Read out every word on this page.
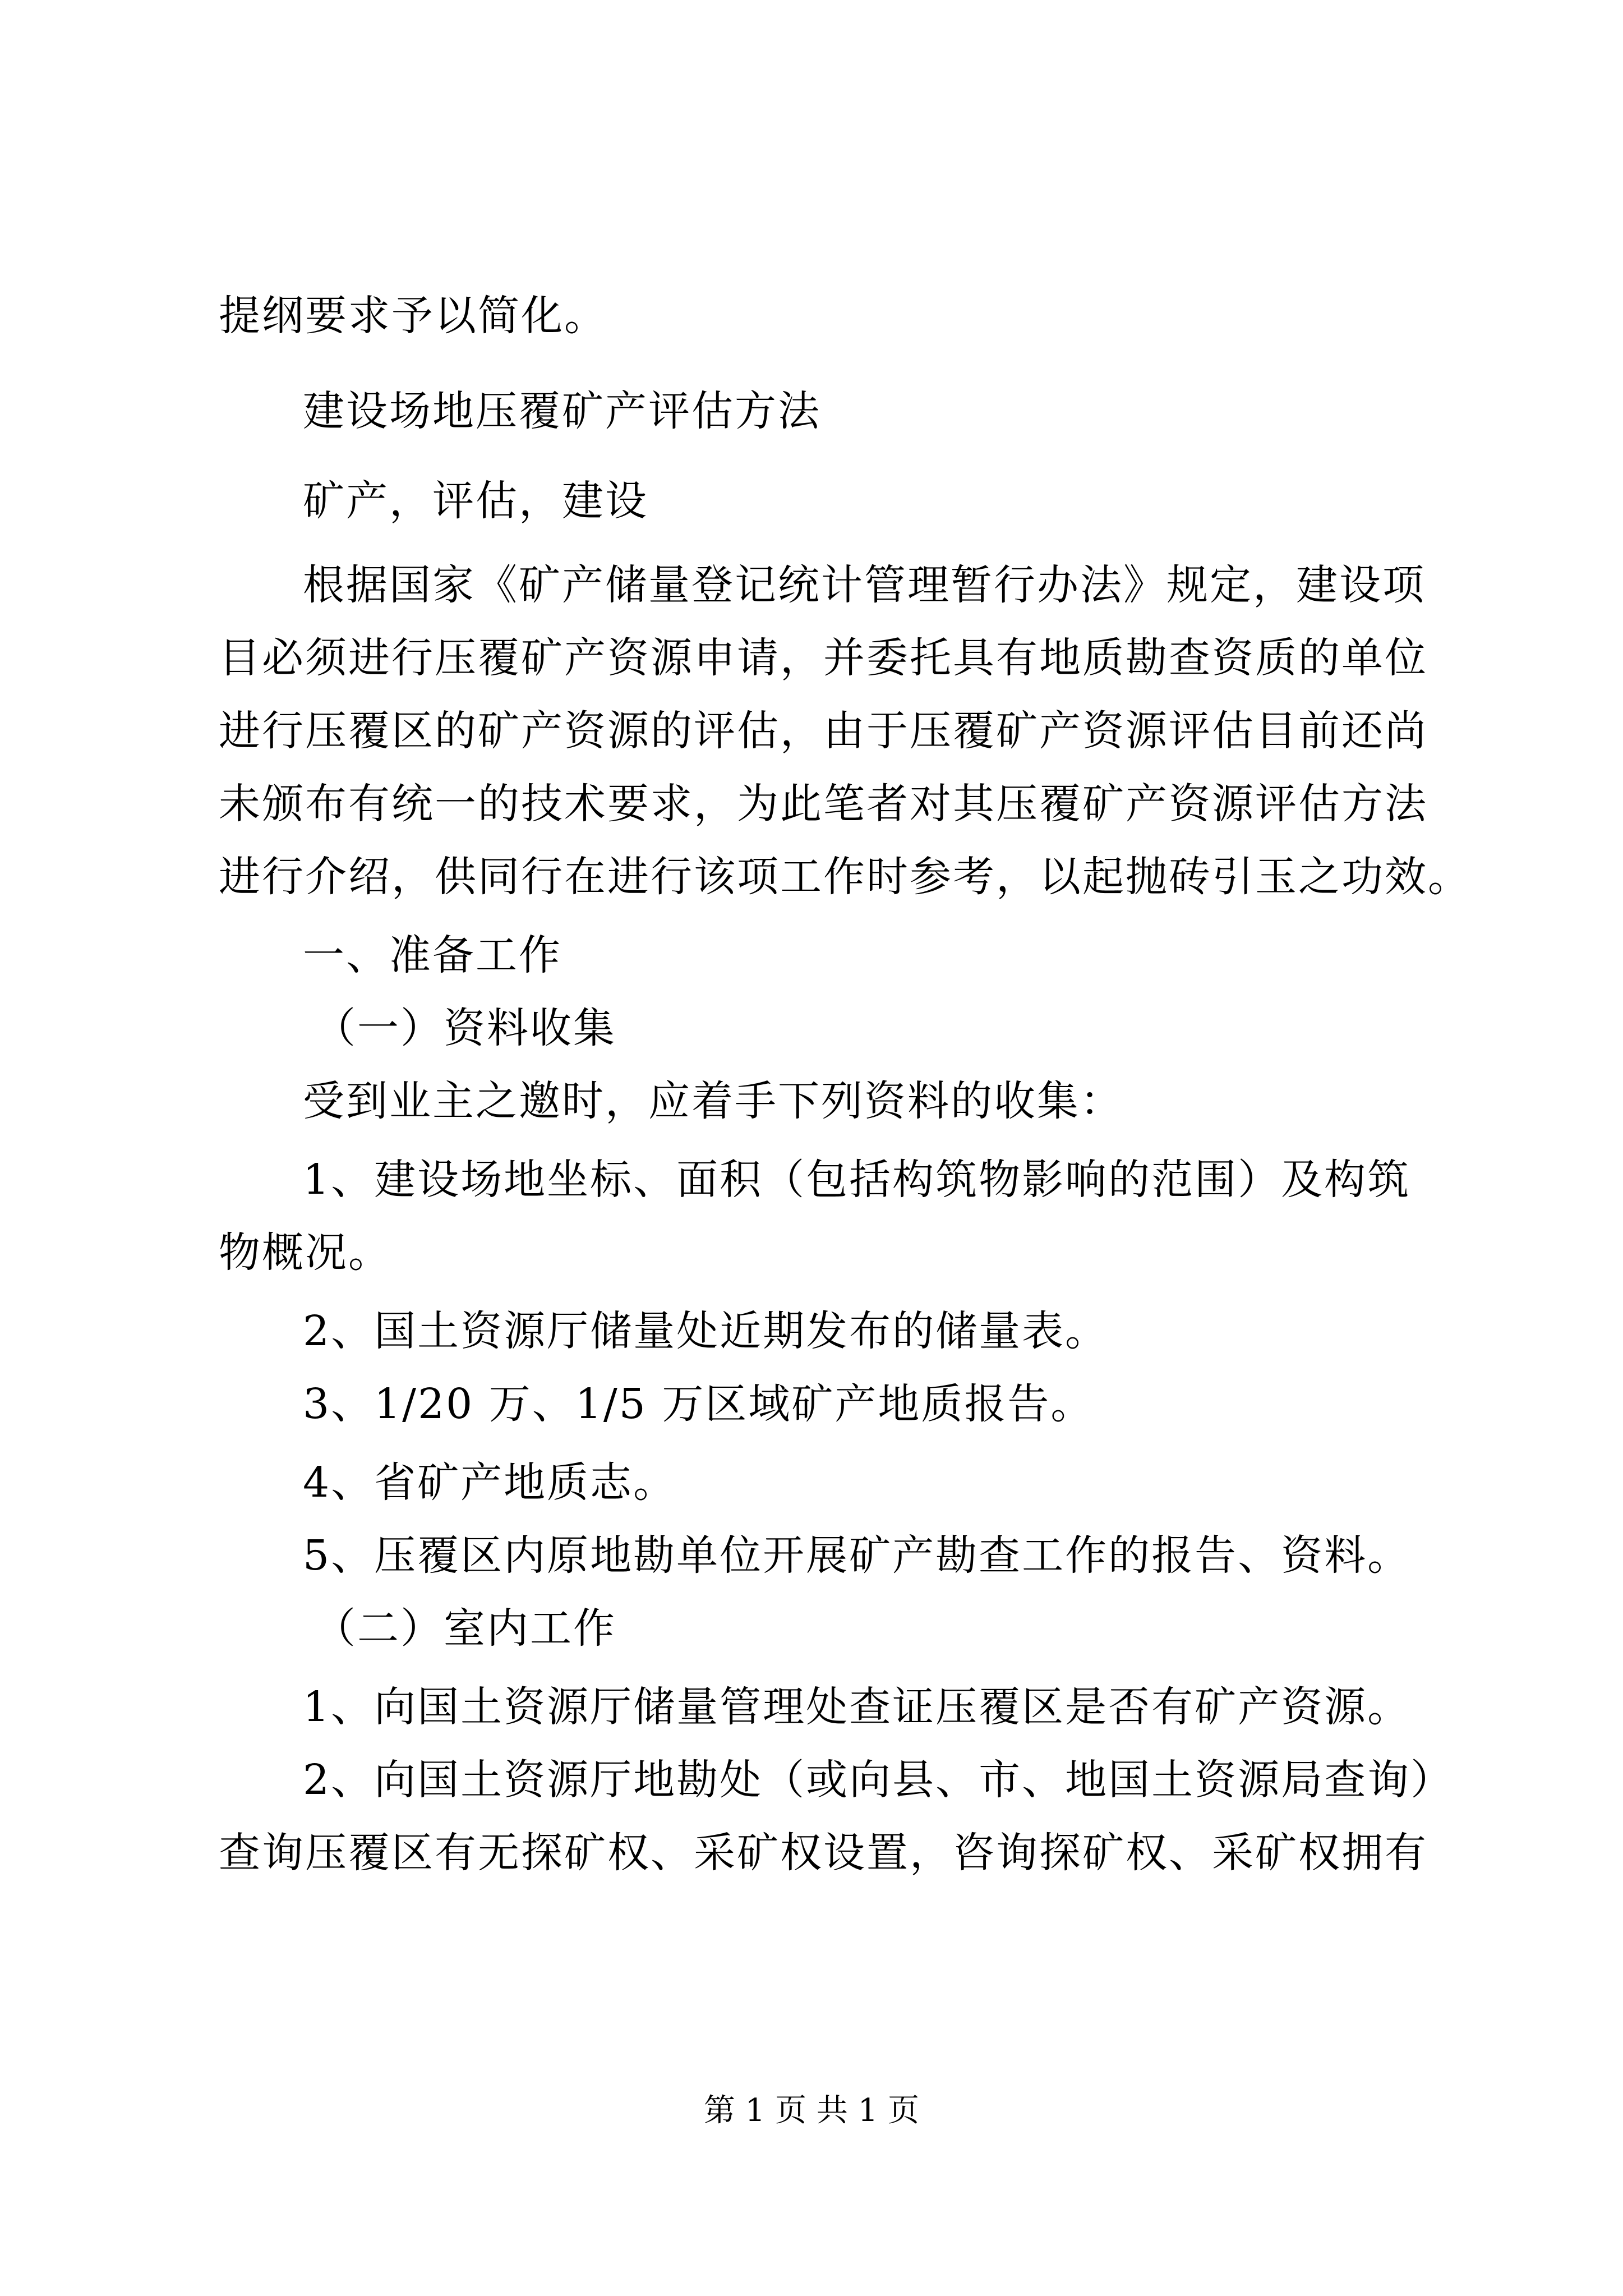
提纲要求予以简化。
建设场地压覆矿产评估方法
矿产，评估，建设
根据国家《矿产储量登记统计管理暂行办法》规定，建设项
目必须进行压覆矿产资源申请，并委托具有地质勘查资质的单位
进行压覆区的矿产资源的评估，由于压覆矿产资源评估目前还尚
未颁布有统一的技术要求，为此笔者对其压覆矿产资源评估方法
进行介绍，供同行在进行该项工作时参考，以起抛砖引玉之功效。
一、准备工作
（一）资料收集
受到业主之邀时，应着手下列资料的收集：
1、建设场地坐标、面积（包括构筑物影响的范围）及构筑
物概况。
2、国土资源厅储量处近期发布的储量表。
3、1/20 万、1/5 万区域矿产地质报告。
4、省矿产地质志。
5、压覆区内原地勘单位开展矿产勘查工作的报告、资料。
（二）室内工作
1、向国土资源厅储量管理处查证压覆区是否有矿产资源。
2、向国土资源厅地勘处（或向县、市、地国土资源局查询）
查询压覆区有无探矿权、采矿权设置，咨询探矿权、采矿权拥有
第 1 页 共 1 页
